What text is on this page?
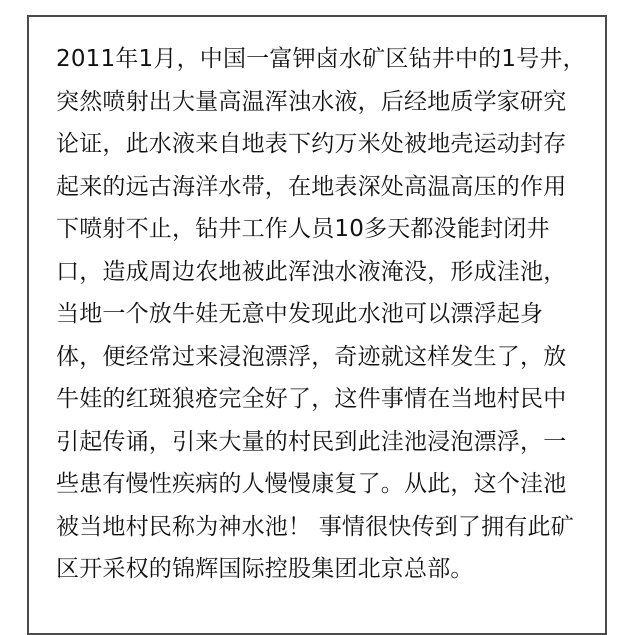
2011年1月，中国一富钾卤水矿区钻井中的1号井，
突然喷射出大量高温浑浊水液，后经地质学家研究
论证，此水液来自地表下约万米处被地壳运动封存
起来的远古海洋水带，在地表深处高温高压的作用
下喷射不止，钻井工作人员10多天都没能封闭井
口，造成周边农地被此浑浊水液淹没，形成洼池，
当地一个放牛娃无意中发现此水池可以漂浮起身
体，便经常过来浸泡漂浮，奇迹就这样发生了，放
牛娃的红斑狼疮完全好了，这件事情在当地村民中
引起传诵，引来大量的村民到此洼池浸泡漂浮，一
些患有慢性疾病的人慢慢康复了。从此，这个洼池
被当地村民称为神水池！ 事情很快传到了拥有此矿
区开采权的锦辉国际控股集团北京总部。
